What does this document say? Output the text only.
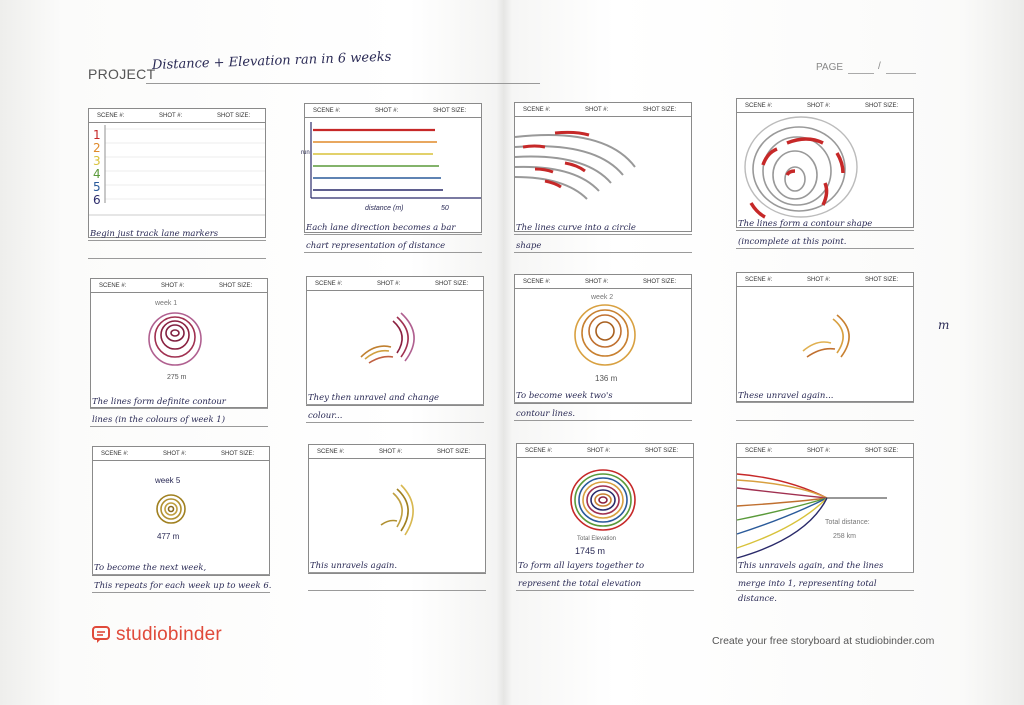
PROJECT
Distance + Elevation ran in 6 weeks	PAGE	/
SCENE #:	SHOT #:	SHOT SIZE:
1
2
3
4
5
6
Begin just track lane markers
SCENE #:	SHOT #:	SHOT SIZE:
run
distance (m)	50
Each lane direction becomes a bar
chart representation of distance
SCENE #:	SHOT #:	SHOT SIZE:
The lines curve into a circle
shape
SCENE #:	SHOT #:	SHOT SIZE:
The lines form a contour shape
(incomplete at this point.
SCENE #:	SHOT #:	SHOT SIZE:
week 1
275 m
The lines form definite contour
lines (in the colours of week 1)
SCENE #:	SHOT #:	SHOT SIZE:
They then unravel and change
colour...
SCENE #:	SHOT #:	SHOT SIZE:
week 2
136 m
To become week two's
contour lines.
SCENE #:	SHOT #:	SHOT SIZE:
These unravel again...
SCENE #:	SHOT #:	SHOT SIZE:
week 5
477 m
To become the next week,
This repeats for each week up to week 6.
SCENE #:	SHOT #:	SHOT SIZE:
This unravels again.
SCENE #:	SHOT #:	SHOT SIZE:
Total Elevation
1745 m
To form all layers together to
represent the total elevation
SCENE #:	SHOT #:	SHOT SIZE:
Total distance:
258 km
This unravels again, and the lines
merge into 1, representing total
distance.
m
studiobinder	Create your free storyboard at studiobinder.com
